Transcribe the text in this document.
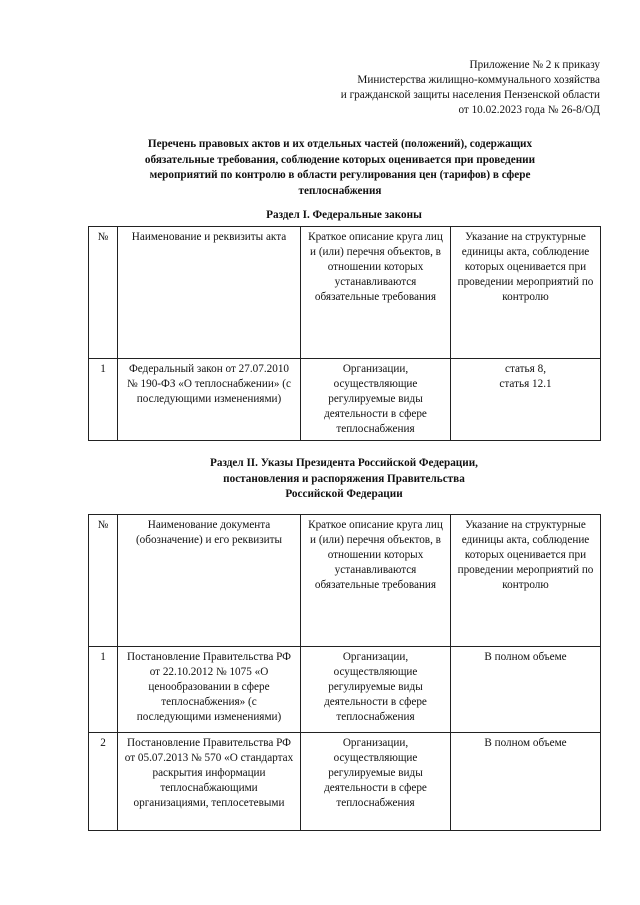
Приложение № 2 к приказу
Министерства жилищно-коммунального хозяйства
и гражданской защиты населения Пензенской области
от 10.02.2023 года № 26-8/ОД
Перечень правовых актов и их отдельных частей (положений), содержащих
обязательные требования, соблюдение которых оценивается при проведении
мероприятий по контролю в области регулирования цен (тарифов) в сфере
теплоснабжения
Раздел I. Федеральные законы
№	Наименование и реквизиты акта	Краткое описание круга лиц и (или) перечня объектов, в отношении которых устанавливаются обязательные требования	Указание на структурные единицы акта, соблюдение которых оценивается при проведении мероприятий по контролю
1	Федеральный закон от 27.07.2010 № 190-ФЗ «О теплоснабжении» (с последующими изменениями)	Организации, осуществляющие регулируемые виды деятельности в сфере теплоснабжения	статья 8,
статья 12.1
Раздел II. Указы Президента Российской Федерации,
постановления и распоряжения Правительства
Российской Федерации
№	Наименование документа (обозначение) и его реквизиты	Краткое описание круга лиц и (или) перечня объектов, в отношении которых устанавливаются обязательные требования	Указание на структурные единицы акта, соблюдение которых оценивается при проведении мероприятий по контролю
1	Постановление Правительства РФ от 22.10.2012 № 1075 «О ценообразовании в сфере теплоснабжения» (с последующими изменениями)	Организации, осуществляющие регулируемые виды деятельности в сфере теплоснабжения	В полном объеме
2	Постановление Правительства РФ от 05.07.2013 № 570 «О стандартах раскрытия информации теплоснабжающими организациями, теплосетевыми	Организации, осуществляющие регулируемые виды деятельности в сфере теплоснабжения	В полном объеме
